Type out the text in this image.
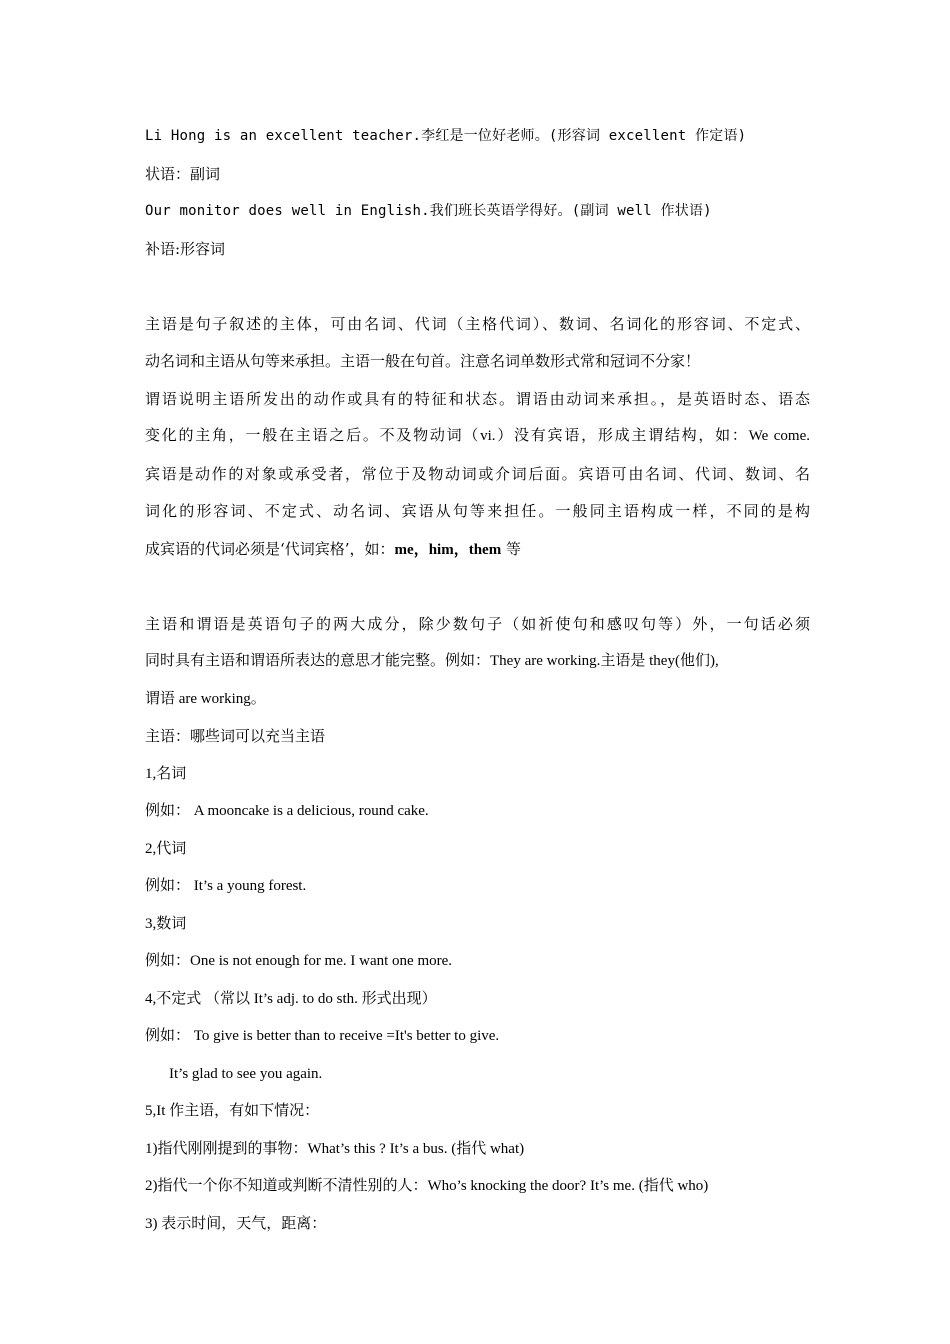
Li Hong is an excellent teacher.李红是一位好老师。(形容词 excellent 作定语)
状语：副词
Our monitor does well in English.我们班长英语学得好。(副词 well 作状语)
补语:形容词
主语是句子叙述的主体，可由名词、代词（主格代词）、数词、名词化的形容词、不定式、
动名词和主语从句等来承担。主语一般在句首。注意名词单数形式常和冠词不分家！
谓语说明主语所发出的动作或具有的特征和状态。谓语由动词来承担。，是英语时态、语态
变化的主角，一般在主语之后。不及物动词（vi.）没有宾语，形成主谓结构，如：We come.
宾语是动作的对象或承受者，常位于及物动词或介词后面。宾语可由名词、代词、数词、名
词化的形容词、不定式、动名词、宾语从句等来担任。一般同主语构成一样，不同的是构
成宾语的代词必须是‘代词宾格’，如：me，him，them 等
主语和谓语是英语句子的两大成分，除少数句子（如祈使句和感叹句等）外，一句话必须
同时具有主语和谓语所表达的意思才能完整。例如：They are working.主语是 they(他们),
谓语 are working。
主语：哪些词可以充当主语
1,名词
例如： A mooncake is a delicious, round cake.
2,代词
例如： It’s a young forest.
3,数词
例如：One is not enough for me. I want one more.
4,不定式 （常以 It’s adj. to do sth. 形式出现）
例如： To give is better than to receive =It's better to give.
It’s glad to see you again.
5,It 作主语，有如下情况：
1)指代刚刚提到的事物：What’s this ? It’s a bus. (指代 what)
2)指代一个你不知道或判断不清性别的人：Who’s knocking the door? It’s me. (指代 who)
3) 表示时间，天气，距离：
